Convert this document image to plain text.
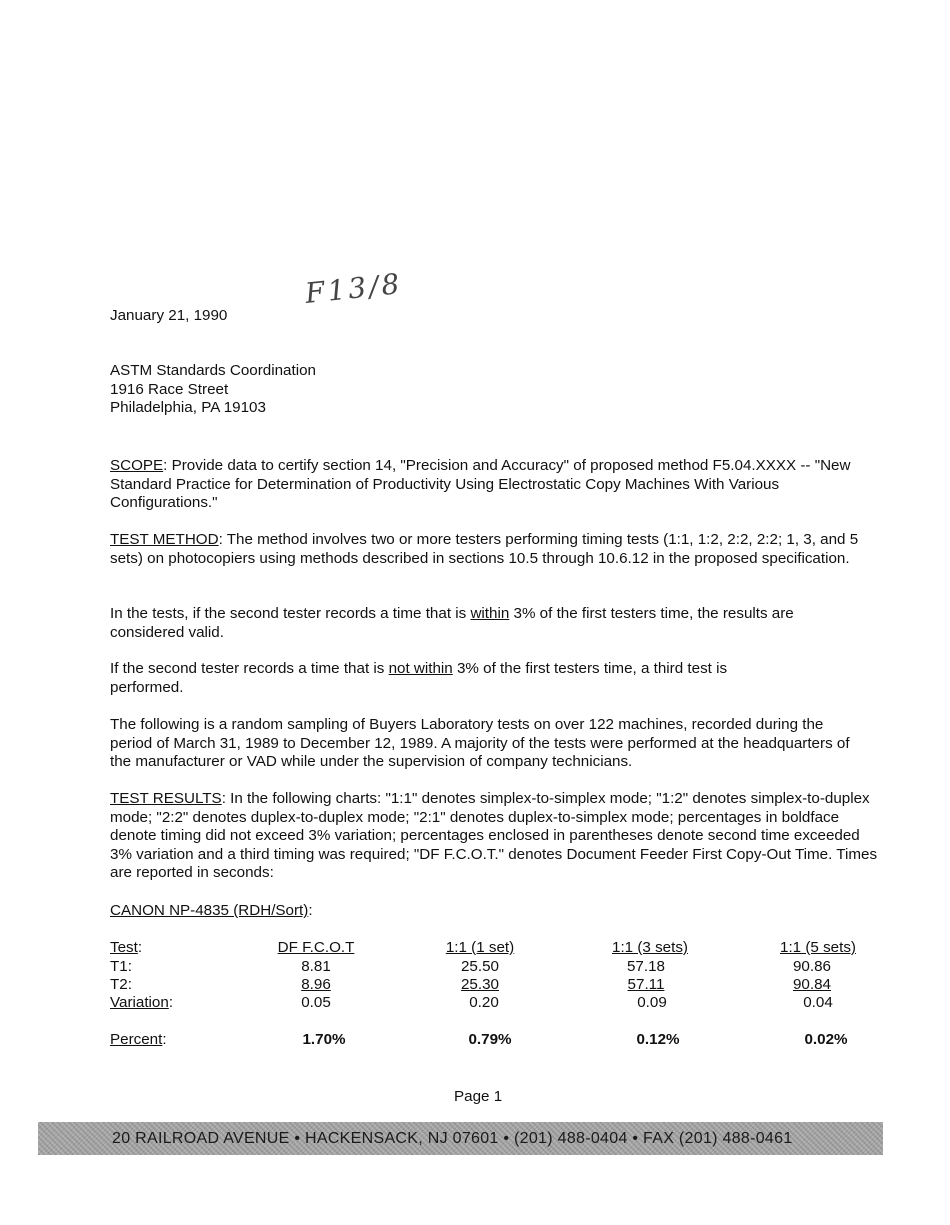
F13/8
January 21, 1990
ASTM Standards Coordination
1916 Race Street
Philadelphia, PA 19103
SCOPE: Provide data to certify section 14, "Precision and Accuracy" of proposed method F5.04.XXXX -- "New Standard Practice for Determination of Productivity Using Electrostatic Copy Machines With Various Configurations."
TEST METHOD: The method involves two or more testers performing timing tests (1:1, 1:2, 2:2, 2:2; 1, 3, and 5 sets) on photocopiers using methods described in sections 10.5 through 10.6.12 in the proposed specification.
In the tests, if the second tester records a time that is within 3% of the first testers time, the results are considered valid.
If the second tester records a time that is not within 3% of the first testers time, a third test is performed.
The following is a random sampling of Buyers Laboratory tests on over 122 machines, recorded during the period of March 31, 1989 to December 12, 1989. A majority of the tests were performed at the headquarters of the manufacturer or VAD while under the supervision of company technicians.
TEST RESULTS: In the following charts: "1:1" denotes simplex-to-simplex mode; "1:2" denotes simplex-to-duplex mode; "2:2" denotes duplex-to-duplex mode; "2:1" denotes duplex-to-simplex mode; percentages in boldface denote timing did not exceed 3% variation; percentages enclosed in parentheses denote second time exceeded 3% variation and a third timing was required; "DF F.C.O.T." denotes Document Feeder First Copy-Out Time. Times are reported in seconds:
CANON NP-4835 (RDH/Sort):
Test:
T1:
T2:
Variation:
Percent:
DF F.C.O.T
8.81
8.96
0.05
1.70%
1:1 (1 set)
25.50
25.30
0.20
0.79%
1:1 (3 sets)
57.18
57.11
0.09
0.12%
1:1 (5 sets)
90.86
90.84
0.04
0.02%
Page 1
20 RAILROAD AVENUE • HACKENSACK, NJ 07601 • (201) 488-0404 • FAX (201) 488-0461
